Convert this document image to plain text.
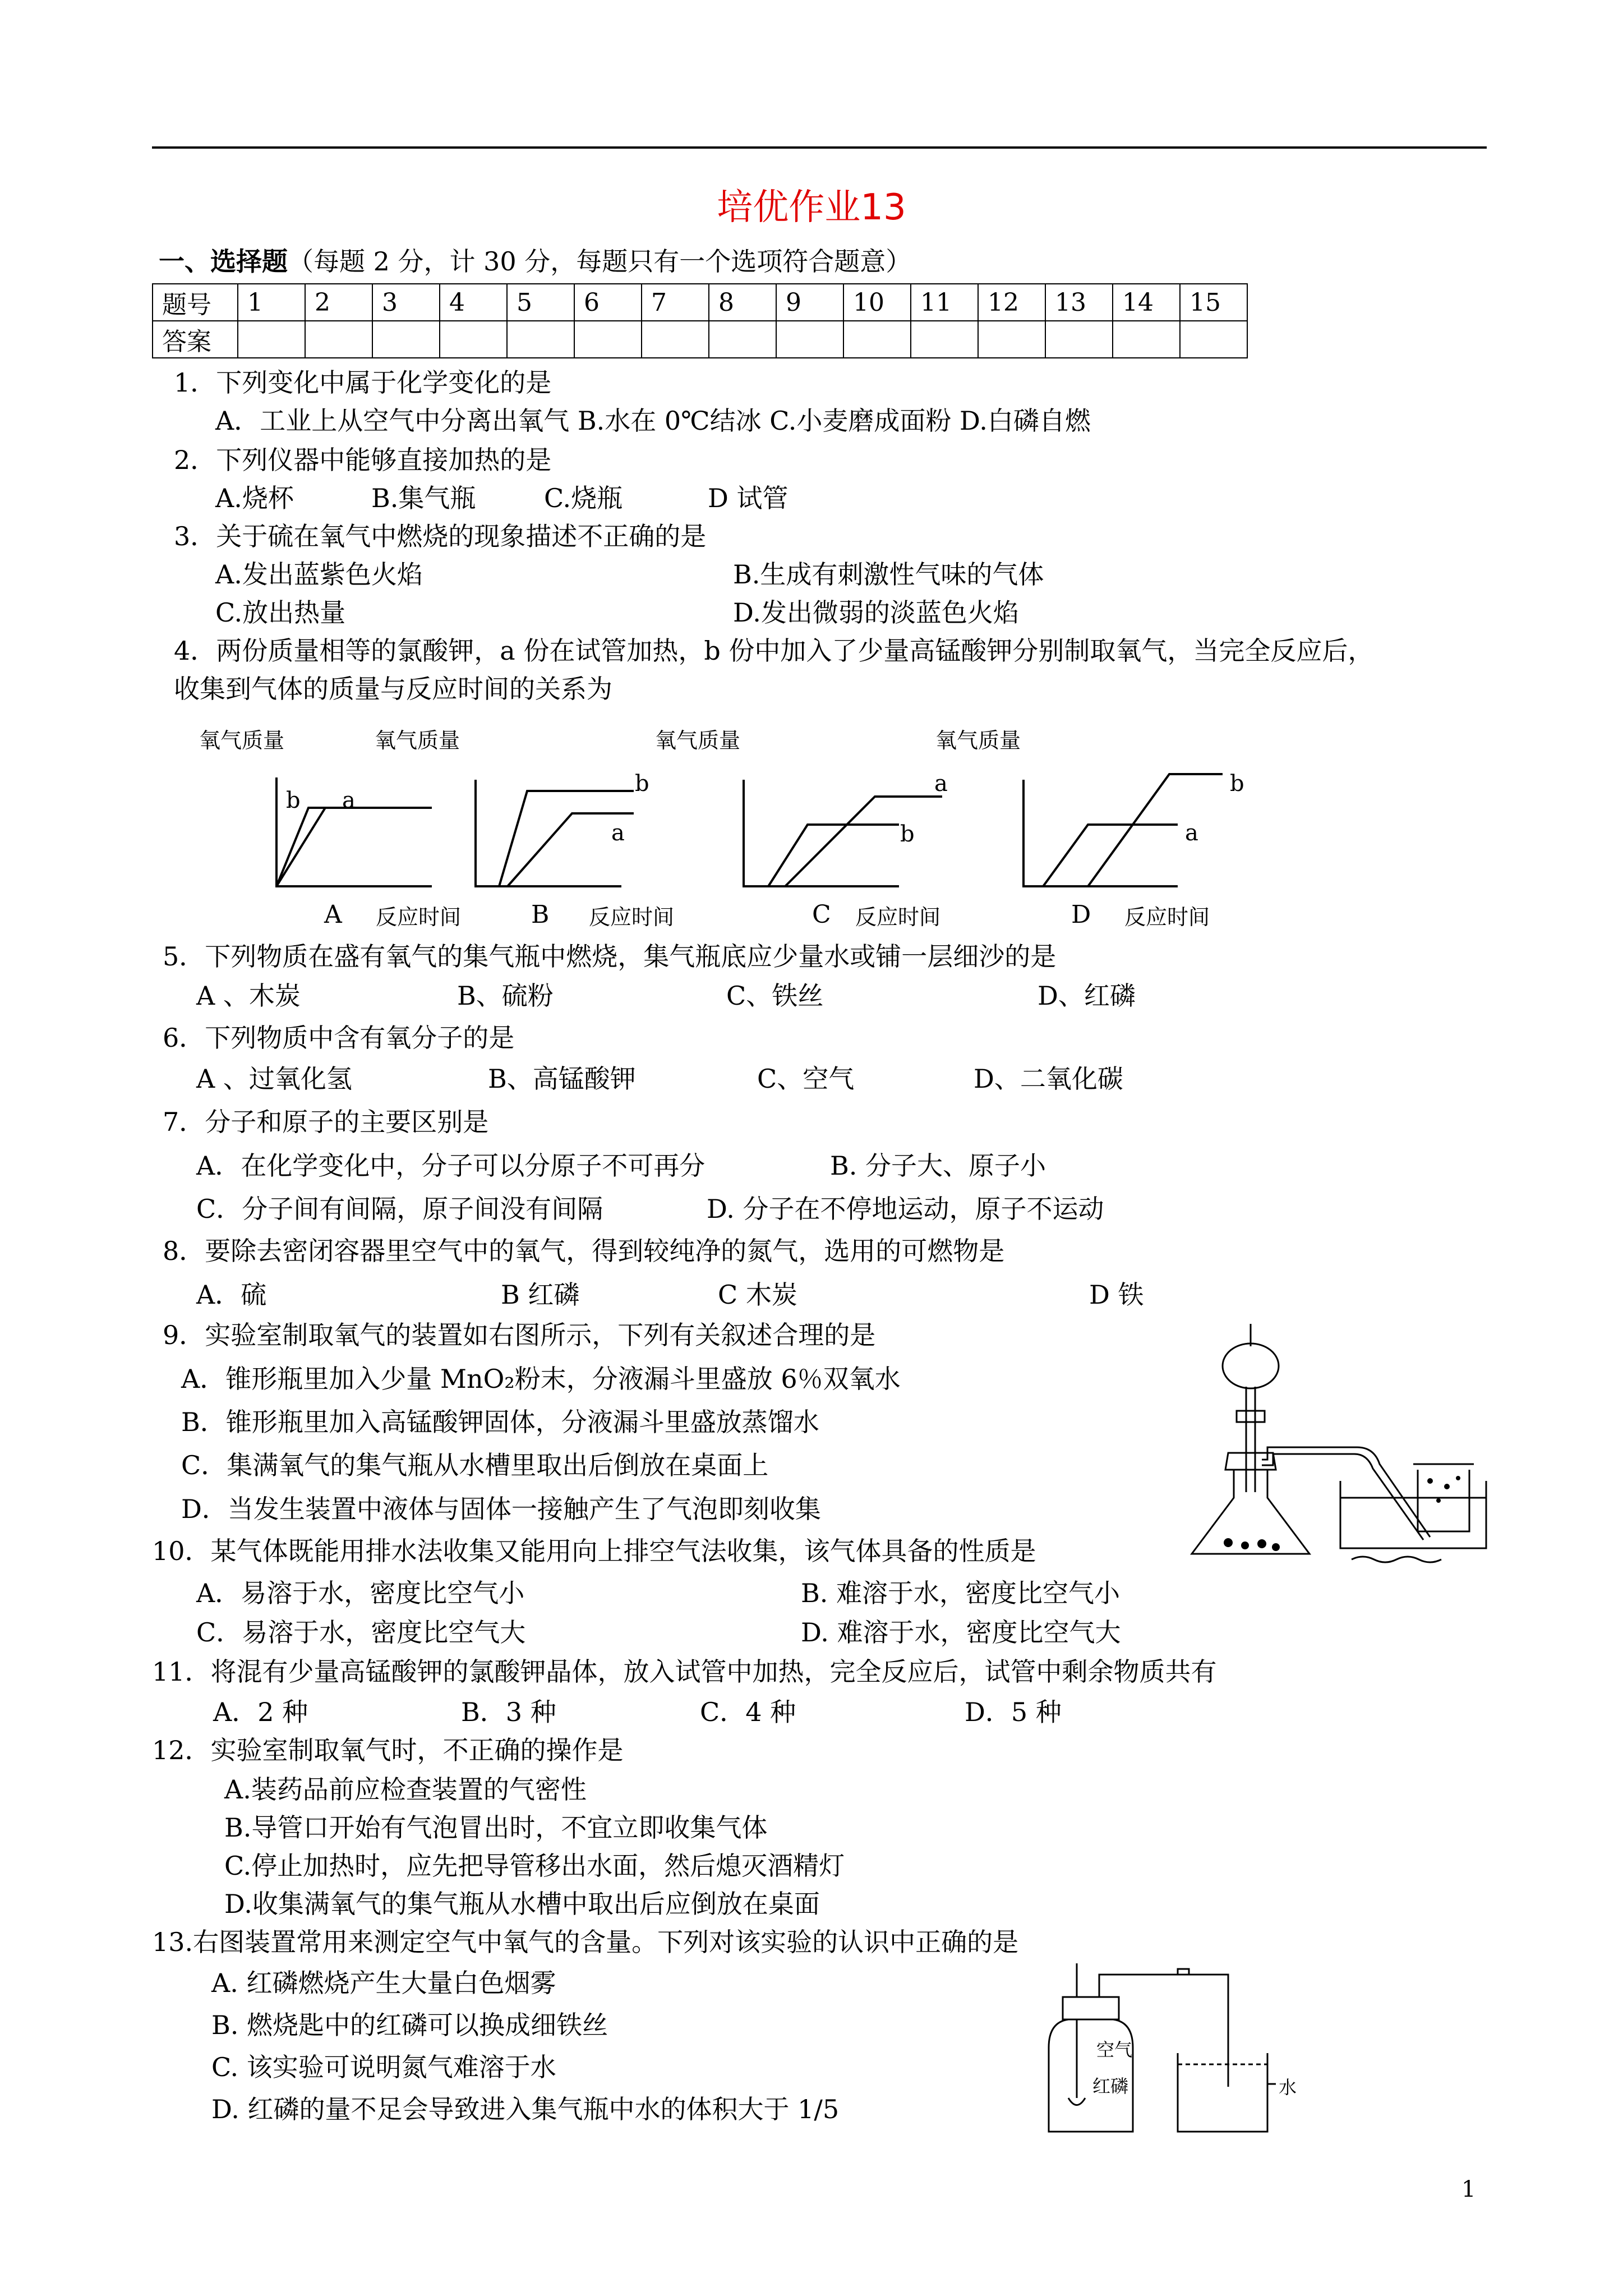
培优作业13
一、选择题（每题 2 分，计 30 分，每题只有一个选项符合题意）
题号	1	2	3	4	5	6	7	8	9	10	11	12	13	14	15
答案															
1．下列变化中属于化学变化的是
A．工业上从空气中分离出氧气 B.水在 0℃结冰 C.小麦磨成面粉 D.白磷自燃
2．下列仪器中能够直接加热的是
A.烧杯	B.集气瓶	C.烧瓶	D 试管
3．关于硫在氧气中燃烧的现象描述不正确的是
A.发出蓝紫色火焰	B.生成有刺激性气味的气体
C.放出热量	D.发出微弱的淡蓝色火焰
4．两份质量相等的氯酸钾，a 份在试管加热，b 份中加入了少量高锰酸钾分别制取氧气，当完全反应后，
收集到气体的质量与反应时间的关系为
氧气质量	氧气质量	氧气质量	氧气质量
反应时间	反应时间	反应时间	反应时间
A	B	C	D
b a
b
a
a
b
b
a
5．下列物质在盛有氧气的集气瓶中燃烧，集气瓶底应少量水或铺一层细沙的是
A 、木炭	B、硫粉	C、铁丝	D、红磷
6．下列物质中含有氧分子的是
A 、过氧化氢	B、高锰酸钾	C、空气	D、二氧化碳
7．分子和原子的主要区别是
A．在化学变化中，分子可以分原子不可再分	B. 分子大、原子小
C．分子间有间隔，原子间没有间隔	D. 分子在不停地运动，原子不运动
8．要除去密闭容器里空气中的氧气，得到较纯净的氮气，选用的可燃物是
A．硫	B 红磷	C 木炭	D 铁
9．实验室制取氧气的装置如右图所示，下列有关叙述合理的是
A．锥形瓶里加入少量 MnO₂粉末，分液漏斗里盛放 6％双氧水
B．锥形瓶里加入高锰酸钾固体，分液漏斗里盛放蒸馏水
C．集满氧气的集气瓶从水槽里取出后倒放在桌面上
D．当发生装置中液体与固体一接触产生了气泡即刻收集
10．某气体既能用排水法收集又能用向上排空气法收集，该气体具备的性质是
A．易溶于水，密度比空气小	B. 难溶于水，密度比空气小
C．易溶于水，密度比空气大	D. 难溶于水，密度比空气大
11．将混有少量高锰酸钾的氯酸钾晶体，放入试管中加热，完全反应后，试管中剩余物质共有
A．2 种	B．3 种	C．4 种	D．5 种
12．实验室制取氧气时，不正确的操作是
A.装药品前应检查装置的气密性
B.导管口开始有气泡冒出时，不宜立即收集气体
C.停止加热时，应先把导管移出水面，然后熄灭酒精灯
D.收集满氧气的集气瓶从水槽中取出后应倒放在桌面
13.右图装置常用来测定空气中氧气的含量。下列对该实验的认识中正确的是
A. 红磷燃烧产生大量白色烟雾
B. 燃烧匙中的红磷可以换成细铁丝
C. 该实验可说明氮气难溶于水
D. 红磷的量不足会导致进入集气瓶中水的体积大于 1/5
空气
红磷	水
1
